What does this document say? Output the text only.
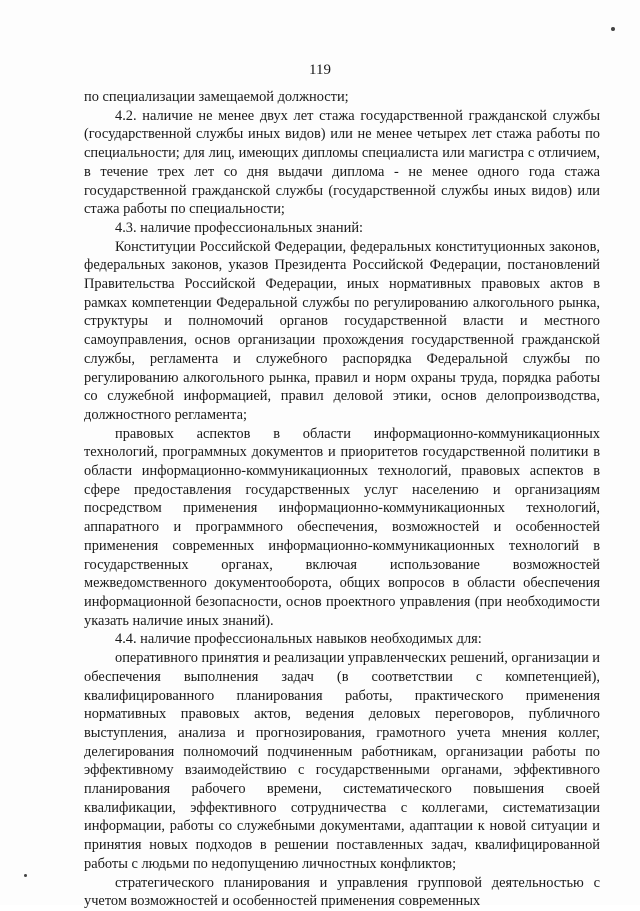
119

по специализации замещаемой должности;

4.2. наличие не менее двух лет стажа государственной гражданской службы (государственной службы иных видов) или не менее четырех лет стажа работы по специальности; для лиц, имеющих дипломы специалиста или магистра с отличием, в течение трех лет со дня выдачи диплома - не менее одного года стажа государственной гражданской службы (государственной службы иных видов) или стажа работы по специальности;

4.3. наличие профессиональных знаний:

Конституции Российской Федерации, федеральных конституционных законов, федеральных законов, указов Президента Российской Федерации, постановлений Правительства Российской Федерации, иных нормативных правовых актов в рамках компетенции Федеральной службы по регулированию алкогольного рынка, структуры и полномочий органов государственной власти и местного самоуправления, основ организации прохождения государственной гражданской службы, регламента и служебного распорядка Федеральной службы по регулированию алкогольного рынка, правил и норм охраны труда, порядка работы со служебной информацией, правил деловой этики, основ делопроизводства, должностного регламента;

правовых аспектов в области информационно-коммуникационных технологий, программных документов и приоритетов государственной политики в области информационно-коммуникационных технологий, правовых аспектов в сфере предоставления государственных услуг населению и организациям посредством применения информационно-коммуникационных технологий, аппаратного и программного обеспечения, возможностей и особенностей применения современных информационно-коммуникационных технологий в государственных органах, включая использование возможностей межведомственного документооборота, общих вопросов в области обеспечения информационной безопасности, основ проектного управления (при необходимости указать наличие иных знаний).

4.4. наличие профессиональных навыков необходимых для:

оперативного принятия и реализации управленческих решений, организации и обеспечения выполнения задач (в соответствии с компетенцией), квалифицированного планирования работы, практического применения нормативных правовых актов, ведения деловых переговоров, публичного выступления, анализа и прогнозирования, грамотного учета мнения коллег, делегирования полномочий подчиненным работникам, организации работы по эффективному взаимодействию с государственными органами, эффективного планирования рабочего времени, систематического повышения своей квалификации, эффективного сотрудничества с коллегами, систематизации информации, работы со служебными документами, адаптации к новой ситуации и принятия новых подходов в решении поставленных задач, квалифицированной работы с людьми по недопущению личностных конфликтов;

стратегического планирования и управления групповой деятельностью с учетом возможностей и особенностей применения современных
